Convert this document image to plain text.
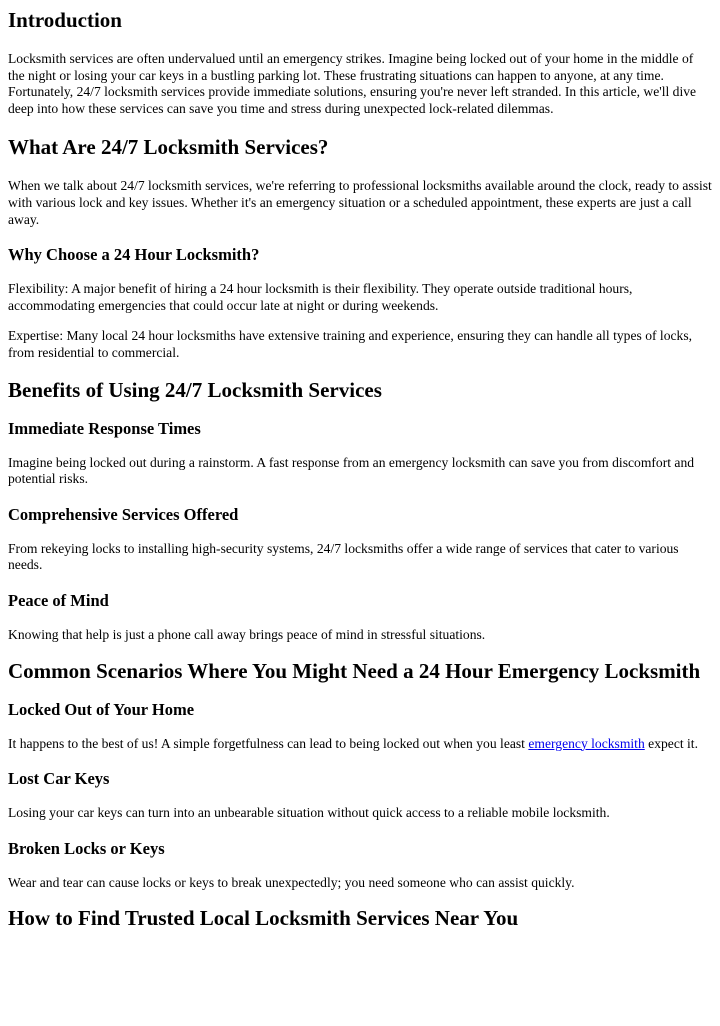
Introduction

Locksmith services are often undervalued until an emergency strikes. Imagine being locked out of your home in the middle of the night or losing your car keys in a bustling parking lot. These frustrating situations can happen to anyone, at any time. Fortunately, 24/7 locksmith services provide immediate solutions, ensuring you're never left stranded. In this article, we'll dive deep into how these services can save you time and stress during unexpected lock-related dilemmas.

What Are 24/7 Locksmith Services?

When we talk about 24/7 locksmith services, we're referring to professional locksmiths available around the clock, ready to assist with various lock and key issues. Whether it's an emergency situation or a scheduled appointment, these experts are just a call away.

Why Choose a 24 Hour Locksmith?

Flexibility: A major benefit of hiring a 24 hour locksmith is their flexibility. They operate outside traditional hours, accommodating emergencies that could occur late at night or during weekends.

Expertise: Many local 24 hour locksmiths have extensive training and experience, ensuring they can handle all types of locks, from residential to commercial.

Benefits of Using 24/7 Locksmith Services
Immediate Response Times

Imagine being locked out during a rainstorm. A fast response from an emergency locksmith can save you from discomfort and potential risks.

Comprehensive Services Offered

From rekeying locks to installing high-security systems, 24/7 locksmiths offer a wide range of services that cater to various needs.

Peace of Mind

Knowing that help is just a phone call away brings peace of mind in stressful situations.

Common Scenarios Where You Might Need a 24 Hour Emergency Locksmith
Locked Out of Your Home

It happens to the best of us! A simple forgetfulness can lead to being locked out when you least emergency locksmith expect it.

Lost Car Keys

Losing your car keys can turn into an unbearable situation without quick access to a reliable mobile locksmith.

Broken Locks or Keys

Wear and tear can cause locks or keys to break unexpectedly; you need someone who can assist quickly.

How to Find Trusted Local Locksmith Services Near You
